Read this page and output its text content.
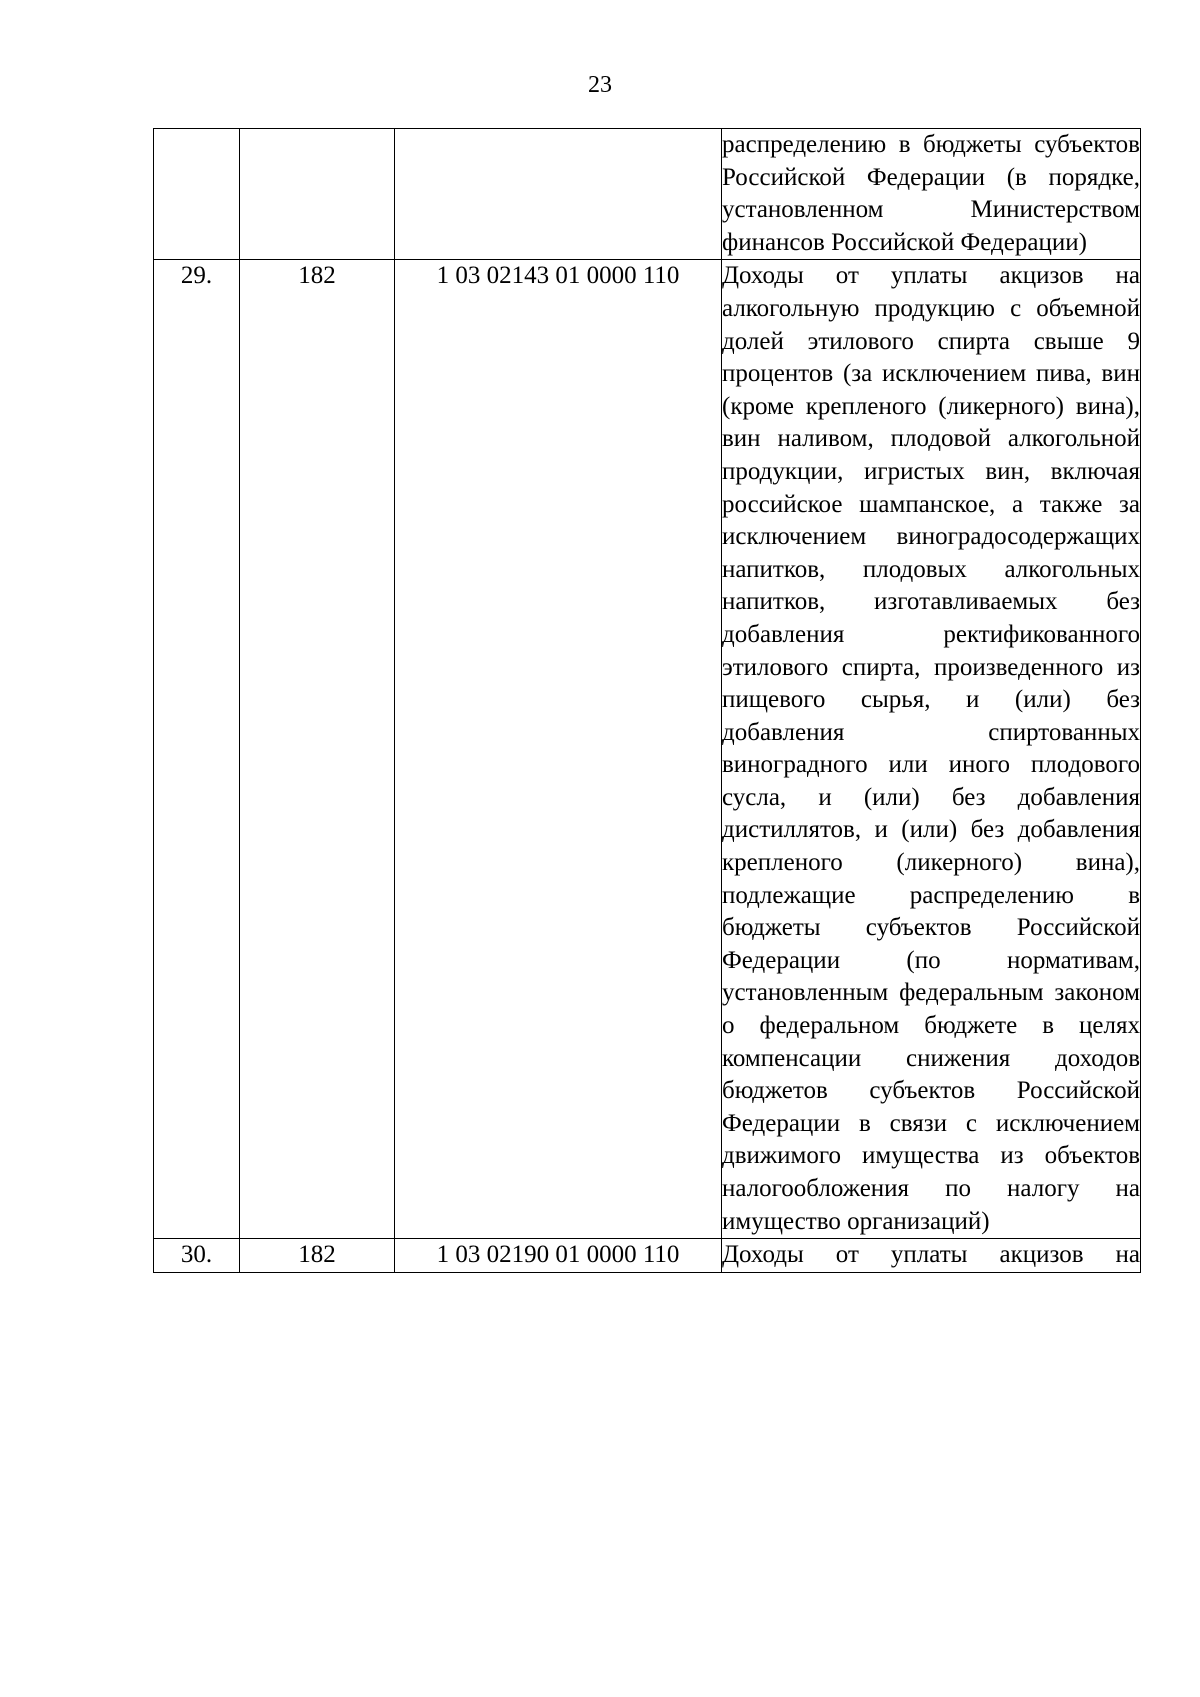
23
			распределению в бюджеты субъектов Российской Федерации (в порядке, установленном Министерством финансов Российской Федерации)
29.	182	1 03 02143 01 0000 110	Доходы от уплаты акцизов на алкогольную продукцию с объемной долей этилового спирта свыше 9 процентов (за исключением пива, вин (кроме крепленого (ликерного) вина), вин наливом, плодовой алкогольной продукции, игристых вин, включая российское шампанское, а также за исключением виноградосодержащих напитков, плодовых алкогольных напитков, изготавливаемых без добавления ректификованного этилового спирта, произведенного из пищевого сырья, и (или) без добавления спиртованных виноградного или иного плодового сусла, и (или) без добавления дистиллятов, и (или) без добавления крепленого (ликерного) вина), подлежащие распределению в бюджеты субъектов Российской Федерации (по нормативам, установленным федеральным законом о федеральном бюджете в целях компенсации снижения доходов бюджетов субъектов Российской Федерации в связи с исключением движимого имущества из объектов налогообложения по налогу на имущество организаций)
30.	182	1 03 02190 01 0000 110	Доходы от уплаты акцизов на
